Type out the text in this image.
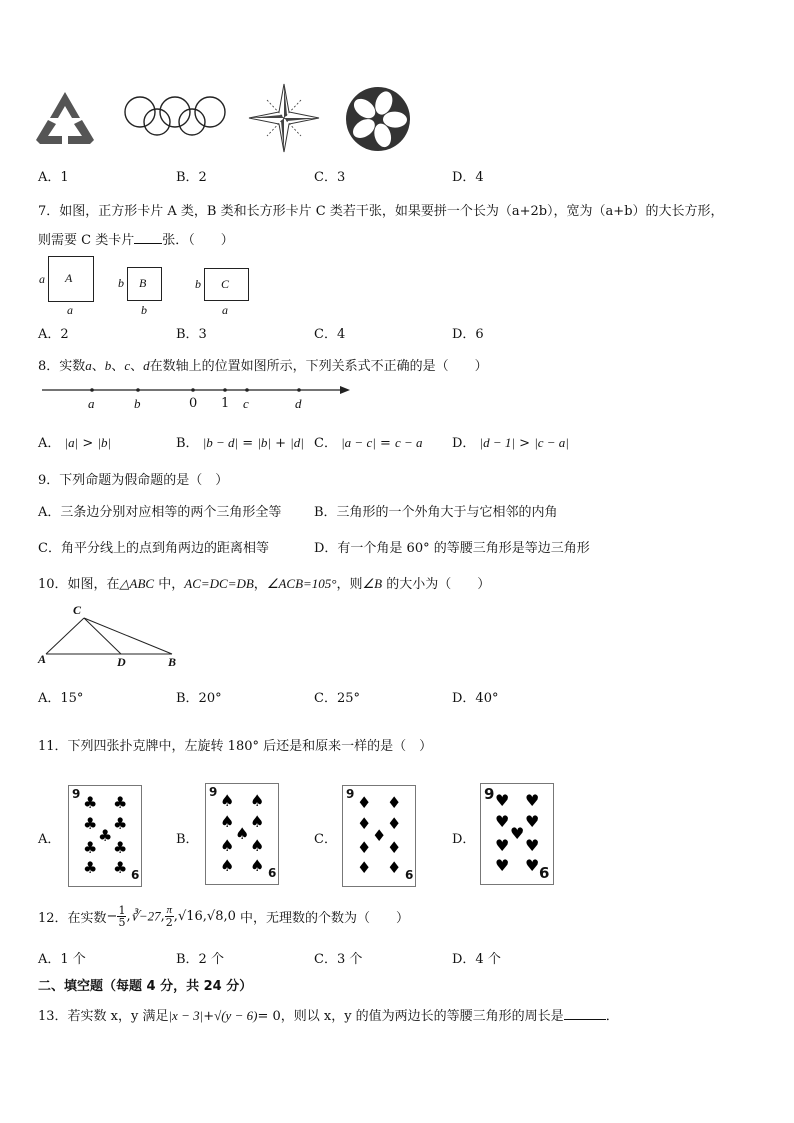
A．1	B．2	C．3	D．4
7．如图，正方形卡片 A 类，B 类和长方形卡片 C 类若干张，如果要拼一个长为（a+2b），宽为（a+b）的大长方形，
则需要 C 类卡片 张．（　　）
a A
a
b B
b
b C
a
A．2	B．3	C．4	D．6
8．实数a、b、c、d在数轴上的位置如图所示，下列关系式不正确的是（　　）
a	b	0 1 c	d
A． |a| > |b|	B． |b − d| = |b| + |d| C． |a − c| = c − a D． |d − 1| > |c − a|
9．下列命题为假命题的是（　）
A．三条边分别对应相等的两个三角形全等	B．三角形的一个外角大于与它相邻的内角
C．角平分线上的点到角两边的距离相等	D．有一个角是 60° 的等腰三角形是等边三角形
10．如图，在△ABC 中，AC=DC=DB，∠ACB=105°，则∠B 的大小为（　　）
C
A	D	B
A．15°	B．20°	C．25°	D．40°
11．下列四张扑克牌中，左旋转 180° 后还是和原来一样的是（　）
A．
9 ♣ ♣
♣ ♣
♣
♣ ♣
♣ ♣ 6
B．
9 ♠ ♠
♠ ♠
♠
♠ ♠
♠ ♠ 6
C．
9 ♦ ♦
♦ ♦
♦
♦ ♦
♦ ♦ 6
D．
9 ♥ ♥
♥ ♥
♥
♥ ♥
♥ ♥ 6
12．在实数− $\frac{1}{5}$ ,∛−27, $\frac{\pi}{2} ,√16,√8,0$ 中，无理数的个数为（　　）
A．1 个	B．2 个	C．3 个	D．4 个
二、填空题（每题 4 分，共 24 分）
13．若实数 x，y 满足|x − 3|+√(y − 6)= 0，则以 x，y 的值为两边长的等腰三角形的周长是	．
